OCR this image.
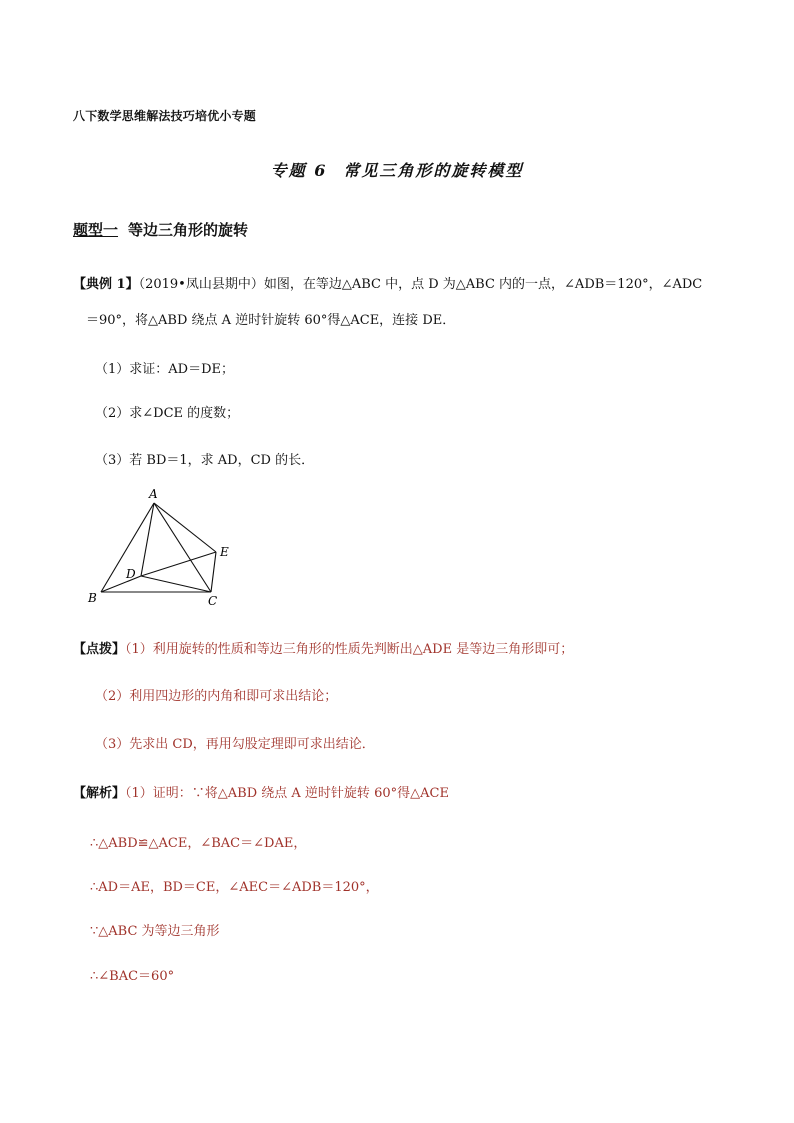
八下数学思维解法技巧培优小专题
专题 6 常见三角形的旋转模型
题型一 等边三角形的旋转
【典例 1】（2019•凤山县期中）如图，在等边△ABC 中，点 D 为△ABC 内的一点，∠ADB＝120°，∠ADC
＝90°，将△ABD 绕点 A 逆时针旋转 60°得△ACE，连接 DE．
（1）求证：AD＝DE；
（2）求∠DCE 的度数；
（3）若 BD＝1，求 AD，CD 的长．
A
B	C
D
E
【点拨】（1）利用旋转的性质和等边三角形的性质先判断出△ADE 是等边三角形即可；
（2）利用四边形的内角和即可求出结论；
（3）先求出 CD，再用勾股定理即可求出结论．
【解析】（1）证明：∵将△ABD 绕点 A 逆时针旋转 60°得△ACE
∴△ABD≌△ACE，∠BAC＝∠DAE，
∴AD＝AE，BD＝CE，∠AEC＝∠ADB＝120°，
∵△ABC 为等边三角形
∴∠BAC＝60°
